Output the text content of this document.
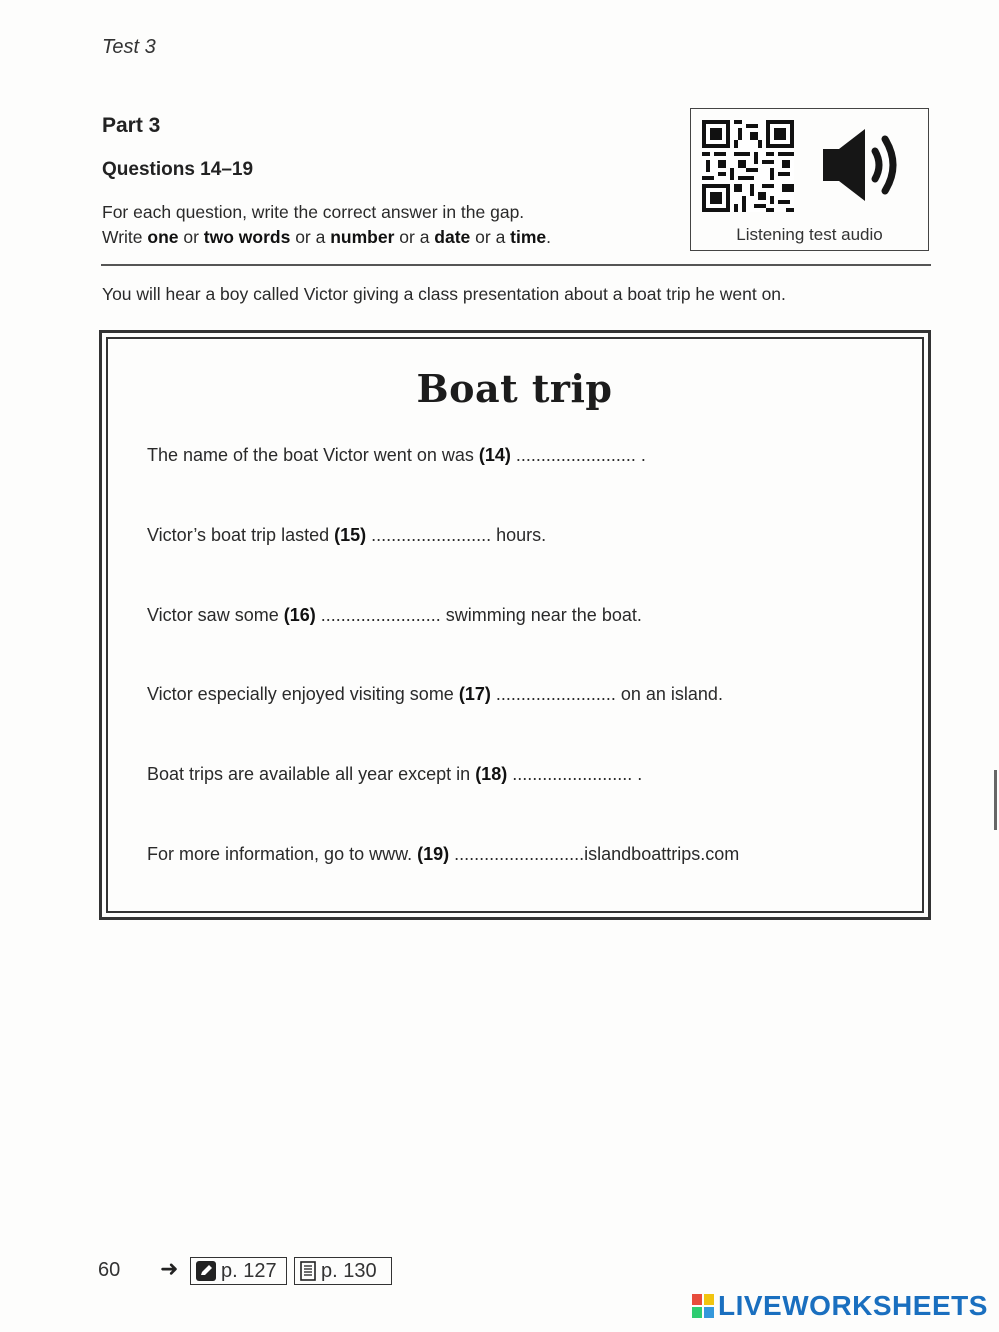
Test 3
Part 3
Questions 14–19
For each question, write the correct answer in the gap.
Write one or two words or a number or a date or a time.	Listening test audio
You will hear a boy called Victor giving a class presentation about a boat trip he went on.
Boat trip
The name of the boat Victor went on was (14) ........................ .
Victor’s boat trip lasted (15) ........................ hours.
Victor saw some (16) ........................ swimming near the boat.
Victor especially enjoyed visiting some (17) ........................ on an island.
Boat trips are available all year except in (18) ........................ .
For more information, go to www. (19) ..........................islandboattrips.com
60 ➜ p. 127 p. 130
LIVEWORKSHEETS
